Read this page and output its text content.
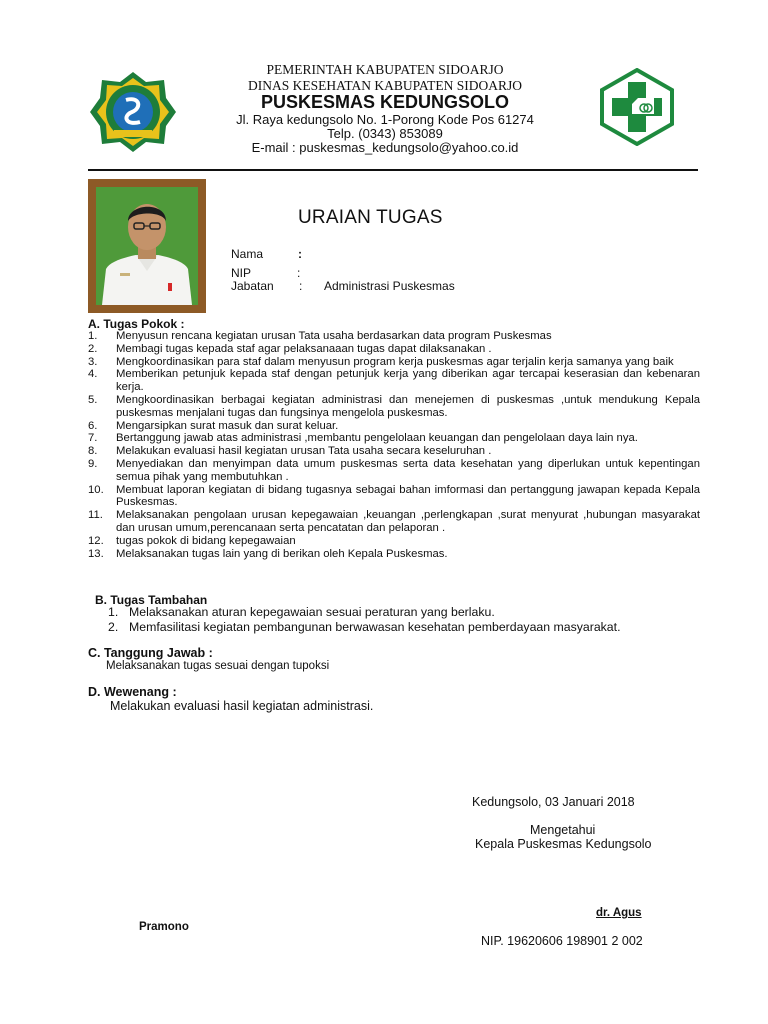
PEMERINTAH KABUPATEN SIDOARJO
DINAS KESEHATAN KABUPATEN SIDOARJO
PUSKESMAS KEDUNGSOLO
Jl. Raya kedungsolo No. 1-Porong Kode Pos 61274
Telp. (0343) 853089
E-mail : puskesmas_kedungsolo@yahoo.co.id
URAIAN TUGAS
Nama	:
NIP	:
Jabatan : Administrasi Puskesmas
A. Tugas Pokok :
1.	Menyusun rencana kegiatan urusan Tata usaha berdasarkan data program Puskesmas
2.	Membagi tugas kepada staf agar pelaksanaaan tugas dapat dilaksanakan .
3.	Mengkoordinasikan para staf dalam menyusun program kerja puskesmas agar terjalin kerja samanya yang baik
4.	Memberikan petunjuk kepada staf dengan petunjuk kerja yang diberikan agar tercapai keserasian dan kebenaran kerja.
5.	Mengkoordinasikan berbagai kegiatan administrasi dan menejemen di puskesmas ,untuk mendukung Kepala puskesmas menjalani tugas dan fungsinya mengelola puskesmas.
6.	Mengarsipkan surat masuk dan surat keluar.
7.	Bertanggung jawab atas administrasi ,membantu pengelolaan keuangan dan pengelolaan daya lain nya.
8.	Melakukan evaluasi hasil kegiatan urusan Tata usaha secara keseluruhan .
9.	Menyediakan dan menyimpan data umum puskesmas serta data kesehatan yang diperlukan untuk kepentingan semua pihak yang membutuhkan .
10.	Membuat laporan kegiatan di bidang tugasnya sebagai bahan imformasi dan pertanggung jawapan kepada Kepala Puskesmas.
11.	Melaksanakan pengolaan urusan kepegawaian ,keuangan ,perlengkapan ,surat menyurat ,hubungan masyarakat dan urusan umum,perencanaan serta pencatatan dan pelaporan .
12.	tugas pokok di bidang kepegawaian
13.	Melaksanakan tugas lain yang di berikan oleh Kepala Puskesmas.
B. Tugas Tambahan
1. Melaksanakan aturan kepegawaian sesuai peraturan yang berlaku.
2. Memfasilitasi kegiatan pembangunan berwawasan kesehatan pemberdayaan masyarakat.
C. Tanggung Jawab :
Melaksanakan tugas sesuai dengan tupoksi
D. Wewenang :
Melakukan evaluasi hasil kegiatan administrasi.
Kedungsolo, 03 Januari 2018
Mengetahui
Kepala Puskesmas Kedungsolo
dr. Agus
Pramono
NIP. 19620606 198901 2 002
